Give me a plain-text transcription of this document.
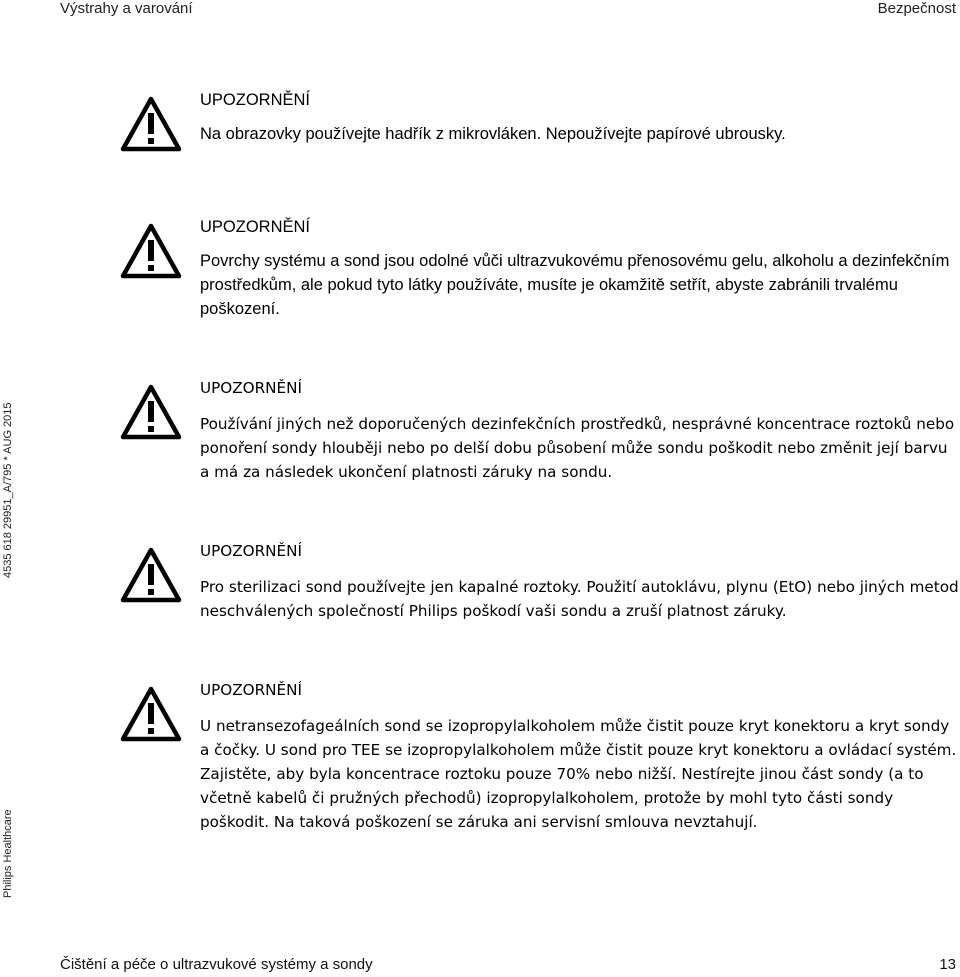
Výstrahy a varování	Bezpečnost
4535 618 29951_A/795 * AUG 2015
Philips Healthcare

UPOZORNĚNÍ

Na obrazovky používejte hadřík z mikrovláken. Nepoužívejte papírové ubrousky.

UPOZORNĚNÍ

Povrchy systému a sond jsou odolné vůči ultrazvukovému přenosovému gelu, alkoholu a dezinfekčním prostředkům, ale pokud tyto látky používáte, musíte je okamžitě setřít, abyste zabránili trvalému poškození.

UPOZORNĚNÍ

Používání jiných než doporučených dezinfekčních prostředků, nesprávné koncentrace roztoků nebo ponoření sondy hlouběji nebo po delší dobu působení může sondu poškodit nebo změnit její barvu a má za následek ukončení platnosti záruky na sondu.

UPOZORNĚNÍ

Pro sterilizaci sond používejte jen kapalné roztoky. Použití autoklávu, plynu (EtO) nebo jiných metod neschválených společností Philips poškodí vaši sondu a zruší platnost záruky.

UPOZORNĚNÍ

U netransezofageálních sond se izopropylalkoholem může čistit pouze kryt konektoru a kryt sondy a čočky. U sond pro TEE se izopropylalkoholem může čistit pouze kryt konektoru a ovládací systém. Zajistěte, aby byla koncentrace roztoku pouze 70% nebo nižší. Nestírejte jinou část sondy (a to včetně kabelů či pružných přechodů) izopropylalkoholem, protože by mohl tyto části sondy poškodit. Na taková poškození se záruka ani servisní smlouva nevztahují.

Čištění a péče o ultrazvukové systémy a sondy	13
